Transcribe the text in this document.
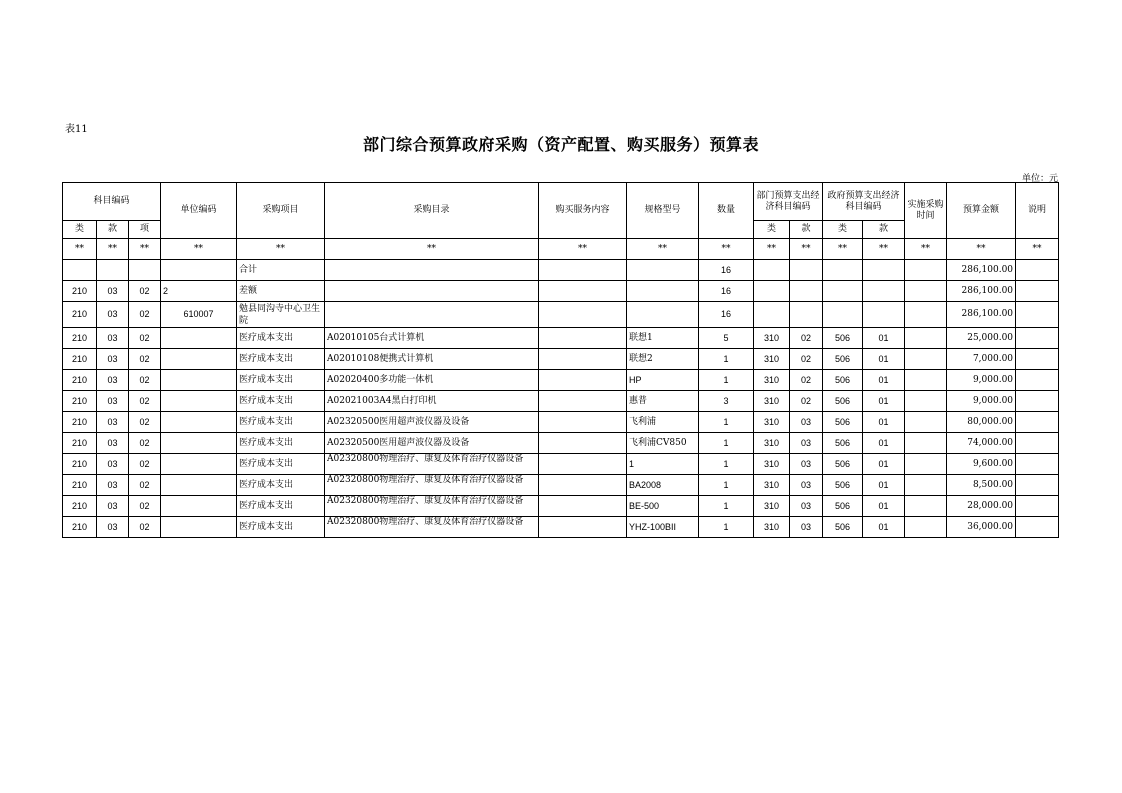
表11
部门综合预算政府采购（资产配置、购买服务）预算表
单位：元
科目编码			单位编码	采购项目	采购目录	购买服务内容	规格型号	数量	部门预算支出经济科目编码		政府预算支出经济科目编码		实施采购时间	预算金额	说明
类	款	项							类	款	类	款			
**	**	**	**	**	**	**	**	**	**	**	**	**	**	**	**
				合计				16						286,100.00	
210	03	02	2	差额				16						286,100.00	
210	03	02	610007	勉县同沟寺中心卫生院				16						286,100.00	
210	03	02		医疗成本支出	A02010105台式计算机		联想1	5	310	02	506	01		25,000.00	
210	03	02		医疗成本支出	A02010108便携式计算机		联想2	1	310	02	506	01		7,000.00	
210	03	02		医疗成本支出	A02020400多功能一体机		HP	1	310	02	506	01		9,000.00	
210	03	02		医疗成本支出	A02021003A4黑白打印机		惠普	3	310	02	506	01		9,000.00	
210	03	02		医疗成本支出	A02320500医用超声波仪器及设备		飞利浦	1	310	03	506	01		80,000.00	
210	03	02		医疗成本支出	A02320500医用超声波仪器及设备		飞利浦CV850	1	310	03	506	01		74,000.00	
210	03	02		医疗成本支出	A02320800物理治疗、康复及体育治疗仪器设备		1	1	310	03	506	01		9,600.00	
210	03	02		医疗成本支出	A02320800物理治疗、康复及体育治疗仪器设备		BA2008	1	310	03	506	01		8,500.00	
210	03	02		医疗成本支出	A02320800物理治疗、康复及体育治疗仪器设备		BE-500	1	310	03	506	01		28,000.00	
210	03	02		医疗成本支出	A02320800物理治疗、康复及体育治疗仪器设备		YHZ-100BII	1	310	03	506	01		36,000.00	
